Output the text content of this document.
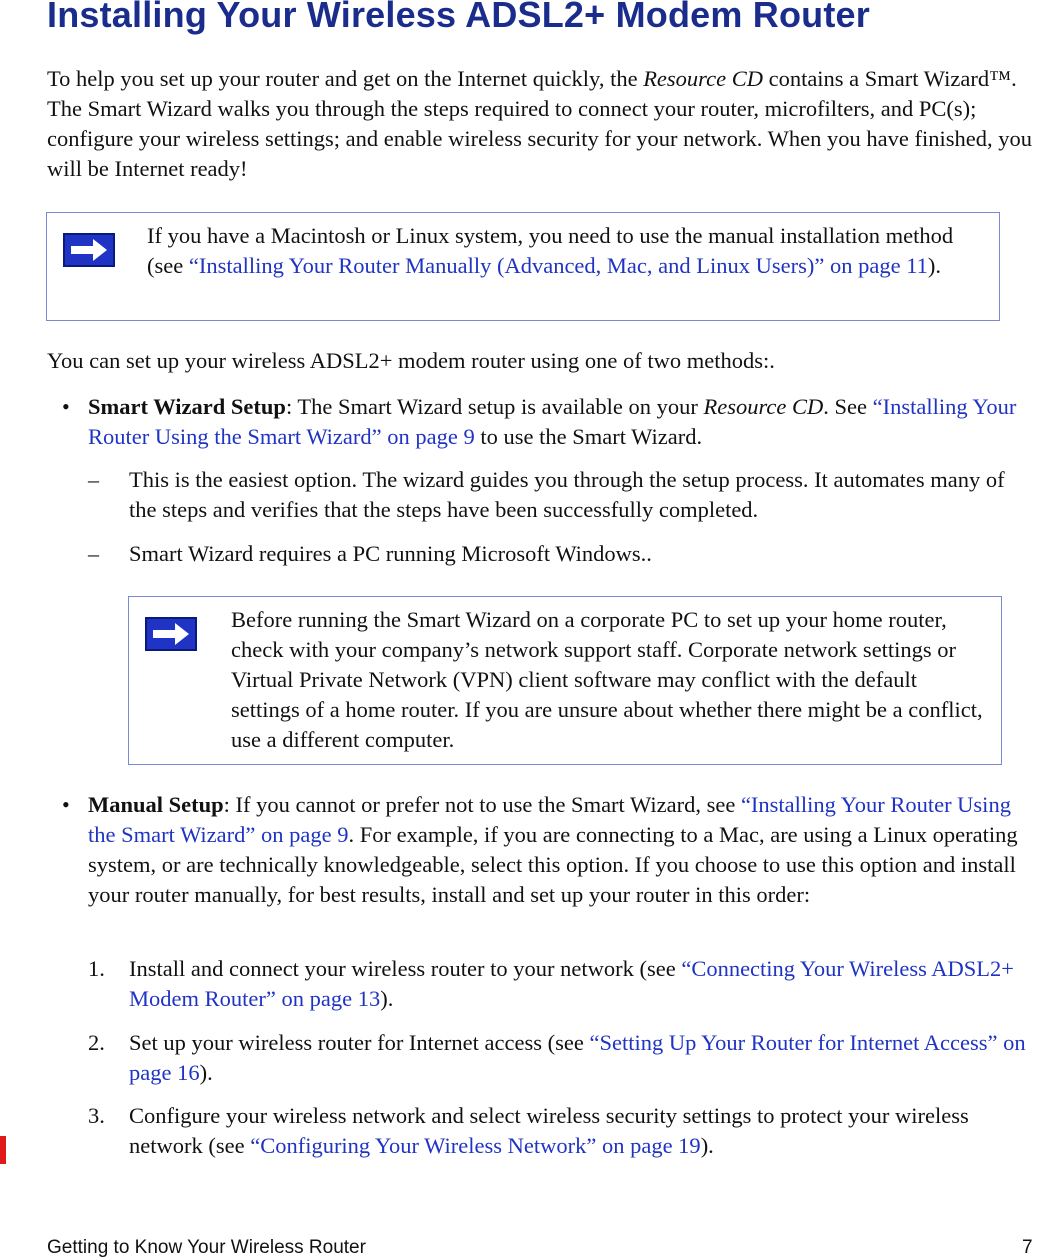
Installing Your Wireless ADSL2+ Modem Router

To help you set up your router and get on the Internet quickly, the Resource CD contains a Smart Wizard™. The Smart Wizard walks you through the steps required to connect your router, microfilters, and PC(s); configure your wireless settings; and enable wireless security for your network. When you have finished, you will be Internet ready!

If you have a Macintosh or Linux system, you need to use the manual installation method (see “Installing Your Router Manually (Advanced, Mac, and Linux Users)” on page 11).

You can set up your wireless ADSL2+ modem router using one of two methods:.

• Smart Wizard Setup: The Smart Wizard setup is available on your Resource CD. See “Installing Your Router Using the Smart Wizard” on page 9 to use the Smart Wizard.

– This is the easiest option. The wizard guides you through the setup process. It automates many of the steps and verifies that the steps have been successfully completed.

– Smart Wizard requires a PC running Microsoft Windows..

Before running the Smart Wizard on a corporate PC to set up your home router, check with your company’s network support staff. Corporate network settings or Virtual Private Network (VPN) client software may conflict with the default settings of a home router. If you are unsure about whether there might be a conflict, use a different computer.

• Manual Setup: If you cannot or prefer not to use the Smart Wizard, see “Installing Your Router Using the Smart Wizard” on page 9. For example, if you are connecting to a Mac, are using a Linux operating system, or are technically knowledgeable, select this option. If you choose to use this option and install your router manually, for best results, install and set up your router in this order:

1. Install and connect your wireless router to your network (see “Connecting Your Wireless ADSL2+ Modem Router” on page 13).

2. Set up your wireless router for Internet access (see “Setting Up Your Router for Internet Access” on page 16).

3. Configure your wireless network and select wireless security settings to protect your wireless network (see “Configuring Your Wireless Network” on page 19).

Getting to Know Your Wireless Router	7
